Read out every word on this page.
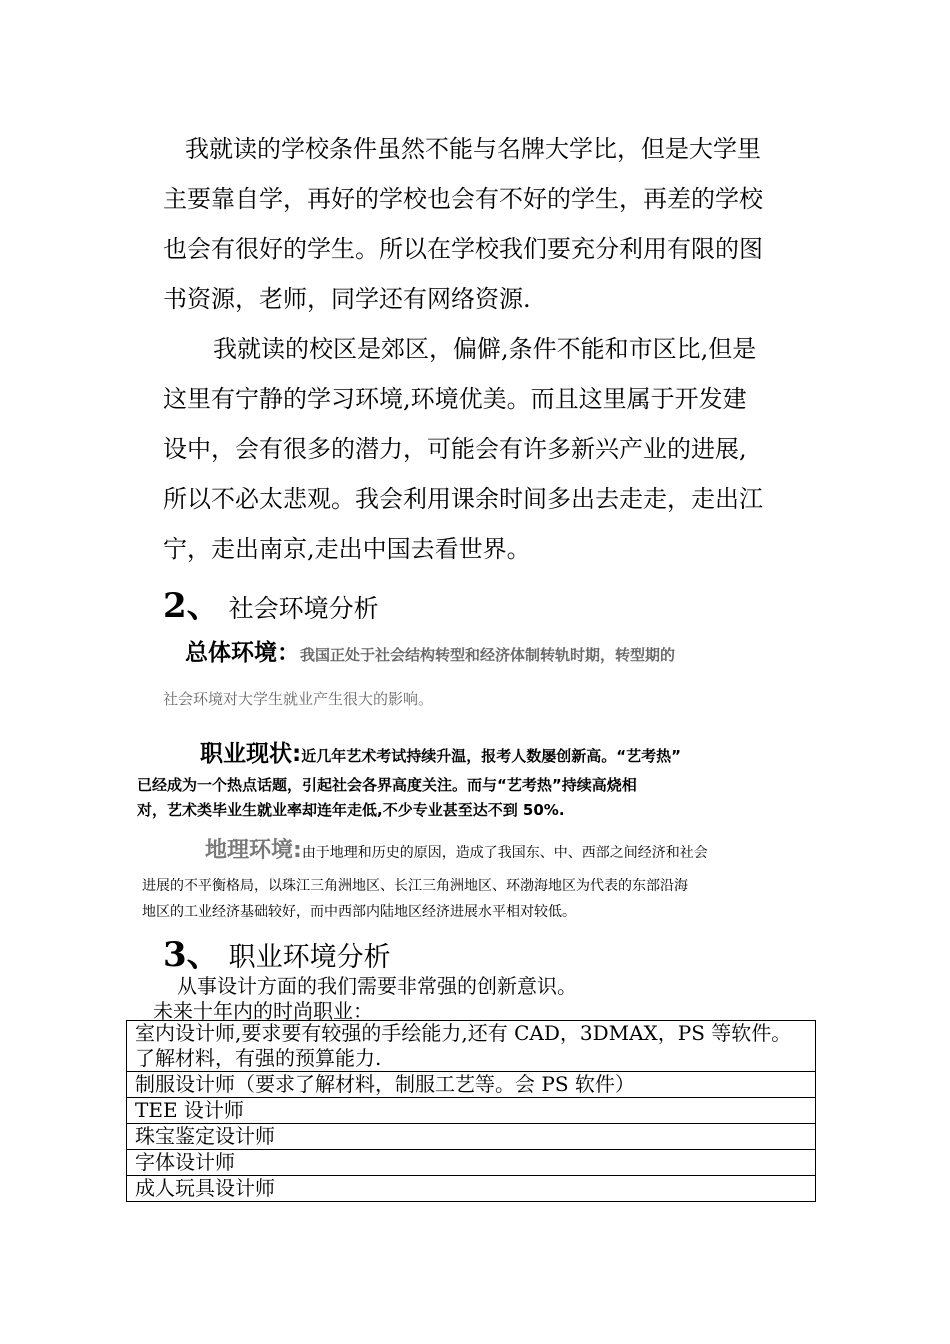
我就读的学校条件虽然不能与名牌大学比，但是大学里
主要靠自学，再好的学校也会有不好的学生，再差的学校
也会有很好的学生。所以在学校我们要充分利用有限的图
书资源，老师，同学还有网络资源.
我就读的校区是郊区，偏僻,条件不能和市区比,但是
这里有宁静的学习环境,环境优美。而且这里属于开发建
设中，会有很多的潜力，可能会有许多新兴产业的进展,
所以不必太悲观。我会利用课余时间多出去走走，走出江
宁，走出南京,走出中国去看世界。
2、 社会环境分析
总体环境：我国正处于社会结构转型和经济体制转轨时期，转型期的
社会环境对大学生就业产生很大的影响。
职业现状:近几年艺术考试持续升温，报考人数屡创新高。“艺考热”
已经成为一个热点话题，引起社会各界高度关注。而与“艺考热”持续高烧相
对，艺术类毕业生就业率却连年走低,不少专业甚至达不到 50%.
地理环境:由于地理和历史的原因，造成了我国东、中、西部之间经济和社会
进展的不平衡格局，以珠江三角洲地区、长江三角洲地区、环渤海地区为代表的东部沿海
地区的工业经济基础较好，而中西部内陆地区经济进展水平相对较低。
3、 职业环境分析
从事设计方面的我们需要非常强的创新意识。
未来十年内的时尚职业：
室内设计师,要求要有较强的手绘能力,还有 CAD，3DMAX，PS 等软件。了解材料，有强的预算能力.
制服设计师（要求了解材料，制服工艺等。会 PS 软件）
TEE 设计师
珠宝鉴定设计师
字体设计师
成人玩具设计师
